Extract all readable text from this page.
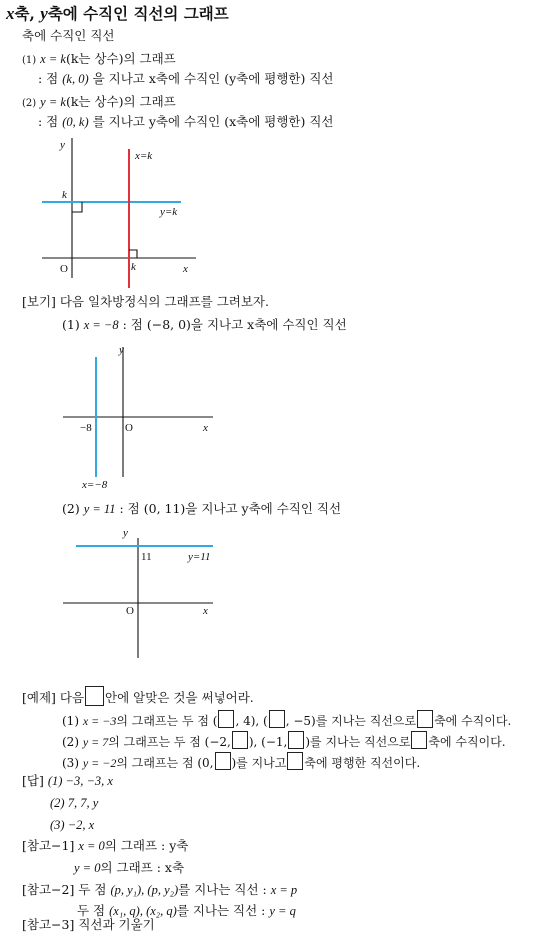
x축, y축에 수직인 직선의 그래프
축에 수직인 직선
(1) x = k(k는 상수)의 그래프
: 점 (k, 0) 을 지나고 x축에 수직인 (y축에 평행한) 직선
(2) y = k(k는 상수)의 그래프
: 점 (0, k) 를 지나고 y축에 수직인 (x축에 평행한) 직선
y
x
O
k
k
x=k
y=k
y
x
O
−8
x=−8
y
x
O
11	y=11
[보기] 다음 일차방정식의 그래프를 그려보자.
(1) x = −8 : 점 (−8, 0)을 지나고 x축에 수직인 직선
(2) y = 11 : 점 (0, 11)을 지나고 y축에 수직인 직선
[예제] 다음 안에 알맞은 것을 써넣어라.
(1) x = −3의 그래프는 두 점 ( , 4), ( , −5)를 지나는 직선으로 축에 수직이다.
(2) y = 7의 그래프는 두 점 (−2, ), (−1, )를 지나는 직선으로 축에 수직이다.
(3) y = −2의 그래프는 점 (0, )를 지나고 축에 평행한 직선이다.
[답] (1) −3, −3, x
(2) 7, 7, y
(3) −2, x
[참고−1] x = 0의 그래프 : y축
y = 0의 그래프 : x축
[참고−2] 두 점 (p, y₁), (p, y₂)를 지나는 직선 : x = p
두 점 (x₁, q), (x₂, q)를 지나는 직선 : y = q
[참고−3] 직선과 기울기
